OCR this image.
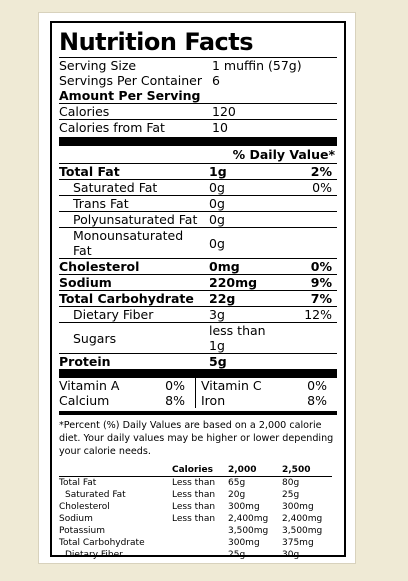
Nutrition Facts
Serving Size	1 muffin (57g)
Servings Per Container 6
Amount Per Serving
Calories	120
Calories from Fat	10
% Daily Value*
Total Fat	1g	2%
Saturated Fat	0g	0%
Trans Fat	0g
Polyunsaturated Fat 0g
Monounsaturated Fat	0g
Cholesterol	0mg	0%
Sodium	220mg	9%
Total Carbohydrate	22g	7%
Dietary Fiber	3g	12%
Sugars	less than 1g
Protein	5g
Vitamin A	0% Vitamin C	0%
Calcium	8% Iron	8%
*Percent (%) Daily Values are based on a 2,000 calorie diet. Your daily values may be higher or lower depending your calorie needs.
	Calories	2,000	2,500
Total Fat	Less than	65g	80g
Saturated Fat	Less than	20g	25g
Cholesterol	Less than	300mg	300mg
Sodium	Less than	2,400mg	2,400mg
Potassium		3,500mg	3,500mg
Total Carbohydrate		300mg	375mg
Dietary Fiber		25g	30g
